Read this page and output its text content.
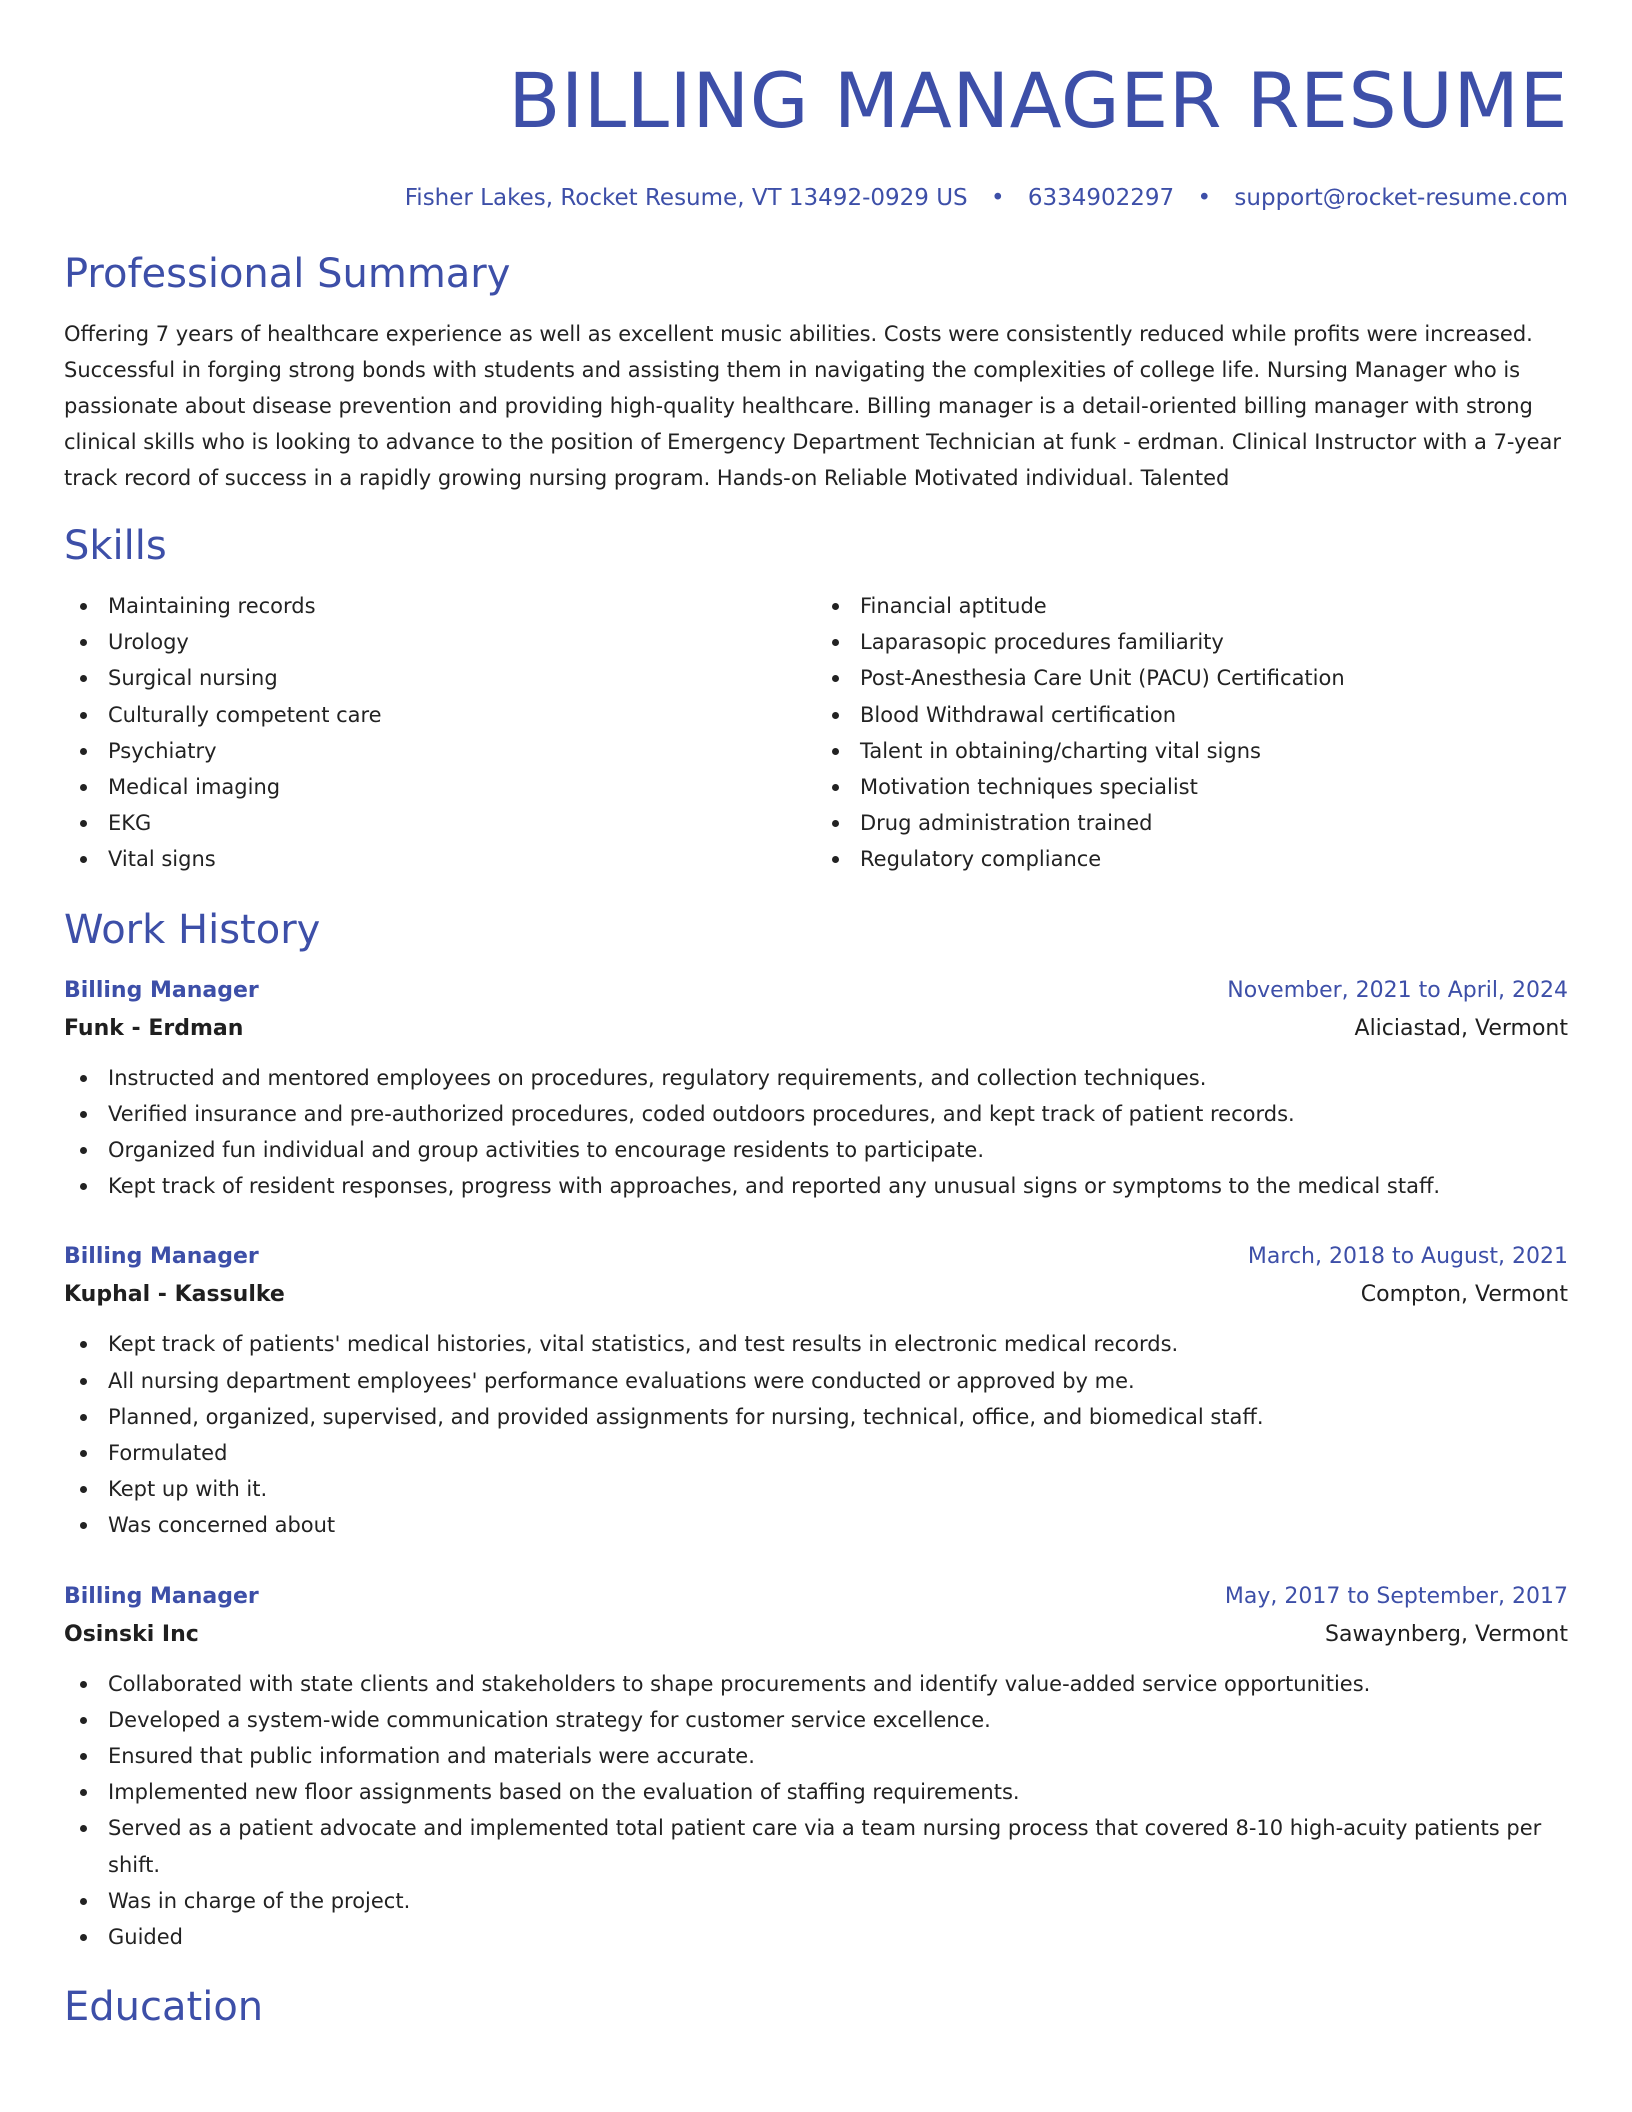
BILLING MANAGER RESUME
Fisher Lakes, Rocket Resume, VT 13492-0929 US • 6334902297 • support@rocket-resume.com
Professional Summary

Offering 7 years of healthcare experience as well as excellent music abilities. Costs were consistently reduced while profits were increased. Successful in forging strong bonds with students and assisting them in navigating the complexities of college life. Nursing Manager who is passionate about disease prevention and providing high-quality healthcare. Billing manager is a detail-oriented billing manager with strong clinical skills who is looking to advance to the position of Emergency Department Technician at funk - erdman. Clinical Instructor with a 7-year track record of success in a rapidly growing nursing program. Hands-on Reliable Motivated individual. Talented

Skills
Maintaining records
Urology
Surgical nursing
Culturally competent care
Psychiatry
Medical imaging
EKG
Vital signs
Financial aptitude
Laparasopic procedures familiarity
Post-Anesthesia Care Unit (PACU) Certification
Blood Withdrawal certification
Talent in obtaining/charting vital signs
Motivation techniques specialist
Drug administration trained
Regulatory compliance
Work History
Billing Manager	November, 2021 to April, 2024
Funk - Erdman	Aliciastad, Vermont
Instructed and mentored employees on procedures, regulatory requirements, and collection techniques.
Verified insurance and pre-authorized procedures, coded outdoors procedures, and kept track of patient records.
Organized fun individual and group activities to encourage residents to participate.
Kept track of resident responses, progress with approaches, and reported any unusual signs or symptoms to the medical staff.
Billing Manager	March, 2018 to August, 2021
Kuphal - Kassulke	Compton, Vermont
Kept track of patients' medical histories, vital statistics, and test results in electronic medical records.
All nursing department employees' performance evaluations were conducted or approved by me.
Planned, organized, supervised, and provided assignments for nursing, technical, office, and biomedical staff.
Formulated
Kept up with it.
Was concerned about
Billing Manager	May, 2017 to September, 2017
Osinski Inc	Sawaynberg, Vermont
Collaborated with state clients and stakeholders to shape procurements and identify value-added service opportunities.
Developed a system-wide communication strategy for customer service excellence.
Ensured that public information and materials were accurate.
Implemented new floor assignments based on the evaluation of staffing requirements.
Served as a patient advocate and implemented total patient care via a team nursing process that covered 8-10 high-acuity patients per shift.
Was in charge of the project.
Guided
Education
